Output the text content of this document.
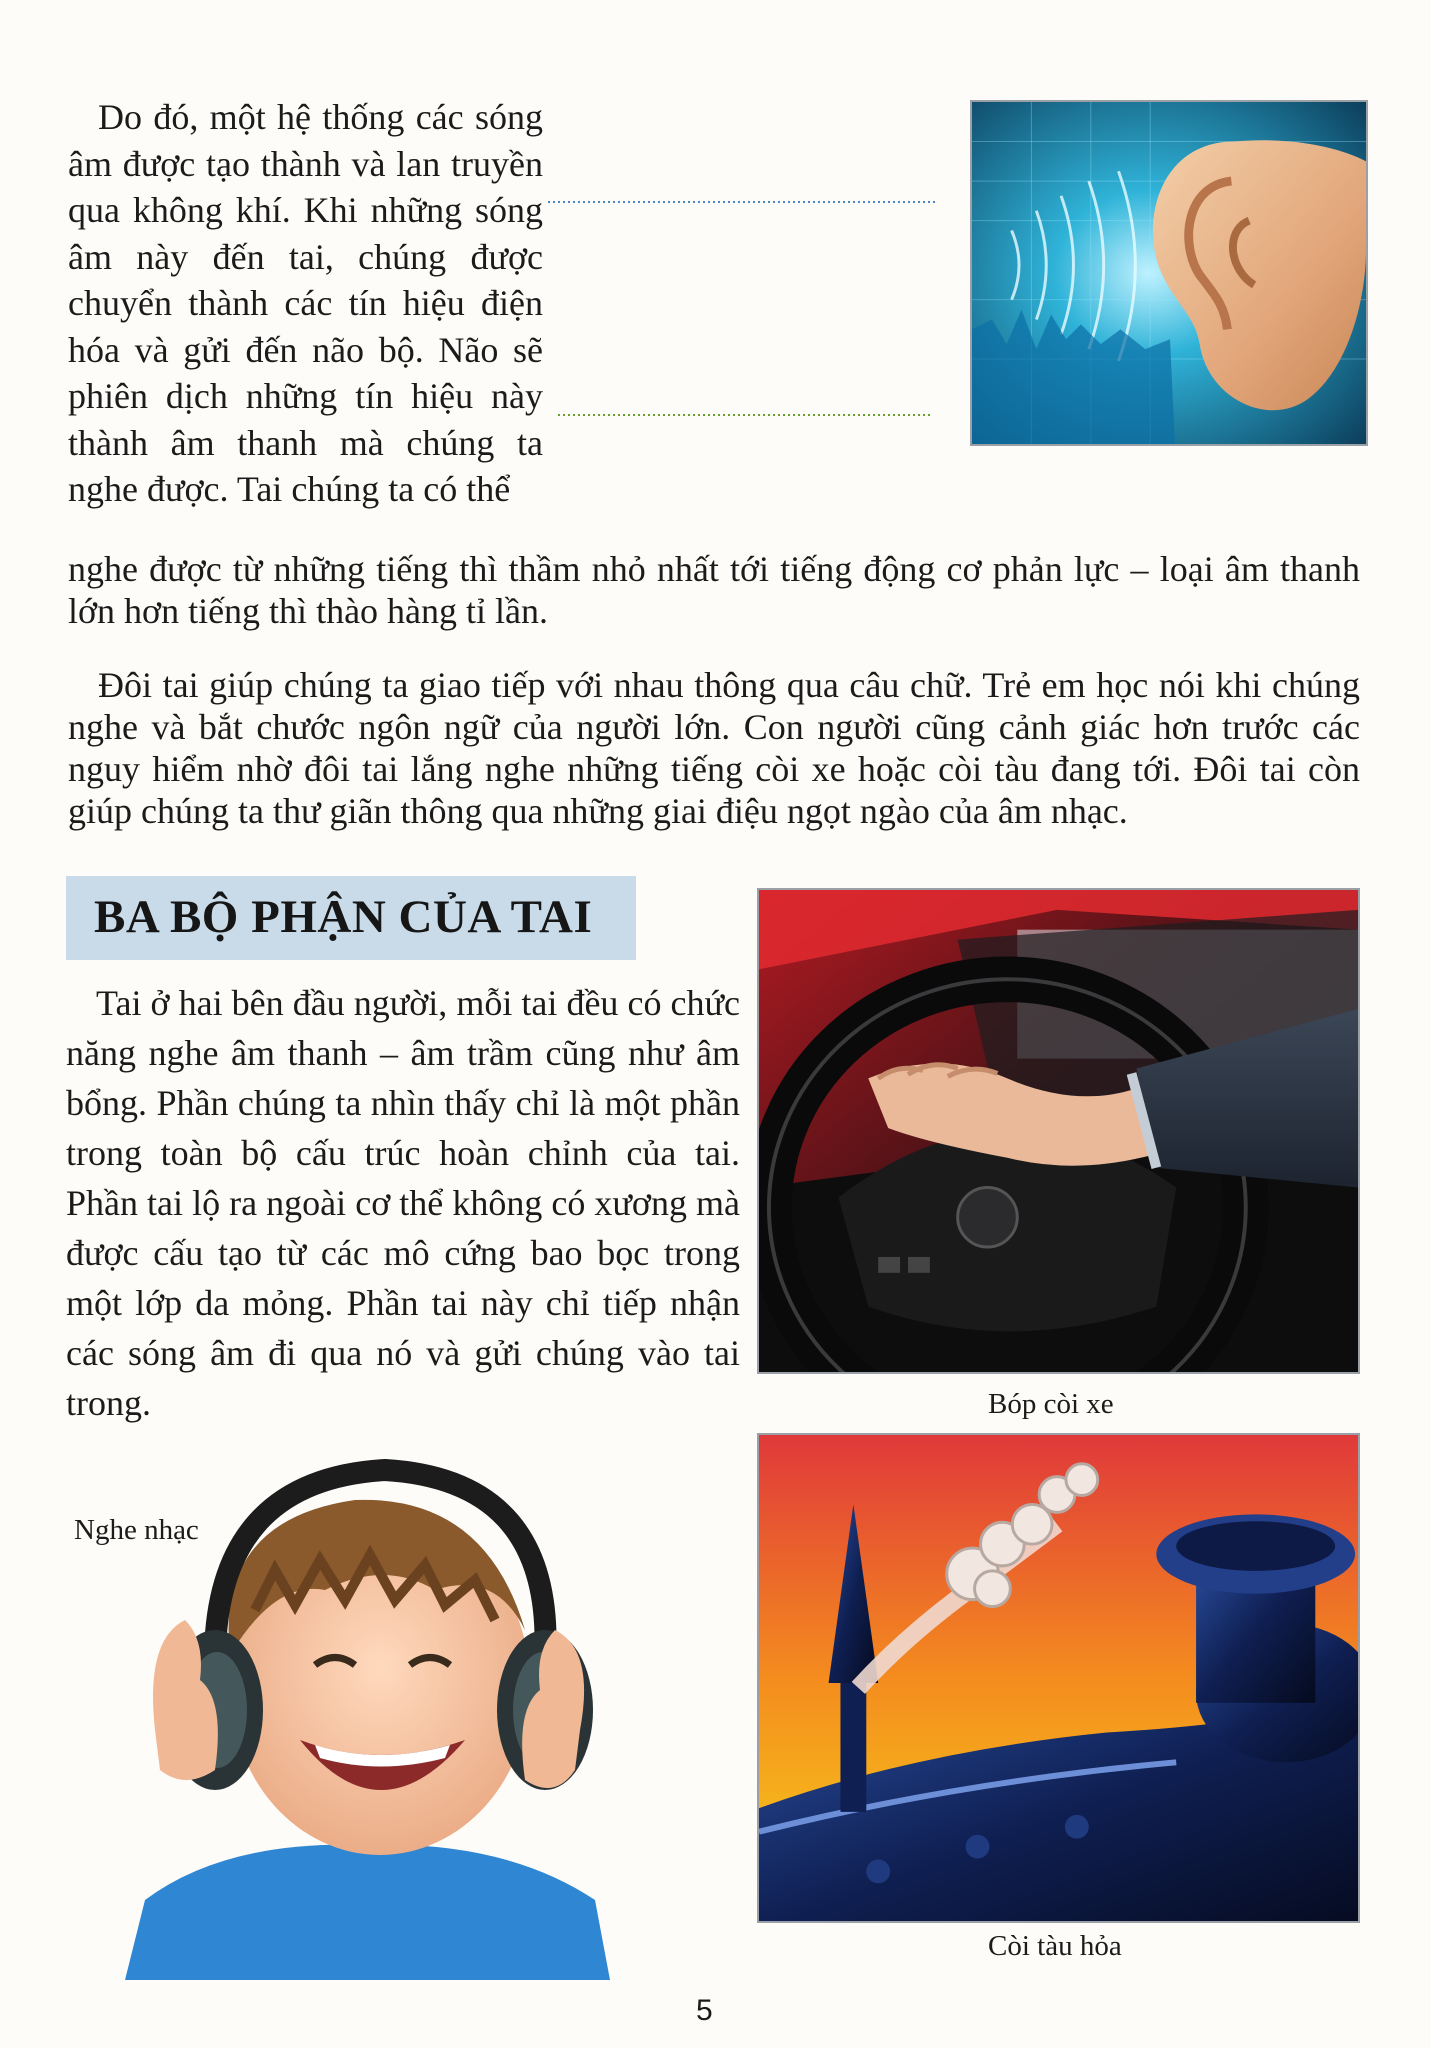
Do đó, một hệ thống các sóng âm được tạo thành và lan truyền qua không khí. Khi những sóng âm này đến tai, chúng được chuyển thành các tín hiệu điện hóa và gửi đến não bộ. Não sẽ phiên dịch những tín hiệu này thành âm thanh mà chúng ta nghe được. Tai chúng ta có thể

nghe được từ những tiếng thì thầm nhỏ nhất tới tiếng động cơ phản lực – loại âm thanh lớn hơn tiếng thì thào hàng tỉ lần.

Đôi tai giúp chúng ta giao tiếp với nhau thông qua câu chữ. Trẻ em học nói khi chúng nghe và bắt chước ngôn ngữ của người lớn. Con người cũng cảnh giác hơn trước các nguy hiểm nhờ đôi tai lắng nghe những tiếng còi xe hoặc còi tàu đang tới. Đôi tai còn giúp chúng ta thư giãn thông qua những giai điệu ngọt ngào của âm nhạc.

BA BỘ PHẬN CỦA TAI

Tai ở hai bên đầu người, mỗi tai đều có chức năng nghe âm thanh – âm trầm cũng như âm bổng. Phần chúng ta nhìn thấy chỉ là một phần trong toàn bộ cấu trúc hoàn chỉnh của tai. Phần tai lộ ra ngoài cơ thể không có xương mà được cấu tạo từ các mô cứng bao bọc trong một lớp da mỏng. Phần tai này chỉ tiếp nhận các sóng âm đi qua nó và gửi chúng vào tai trong.	Bóp còi xe
Nghe nhạc
Còi tàu hỏa
5
